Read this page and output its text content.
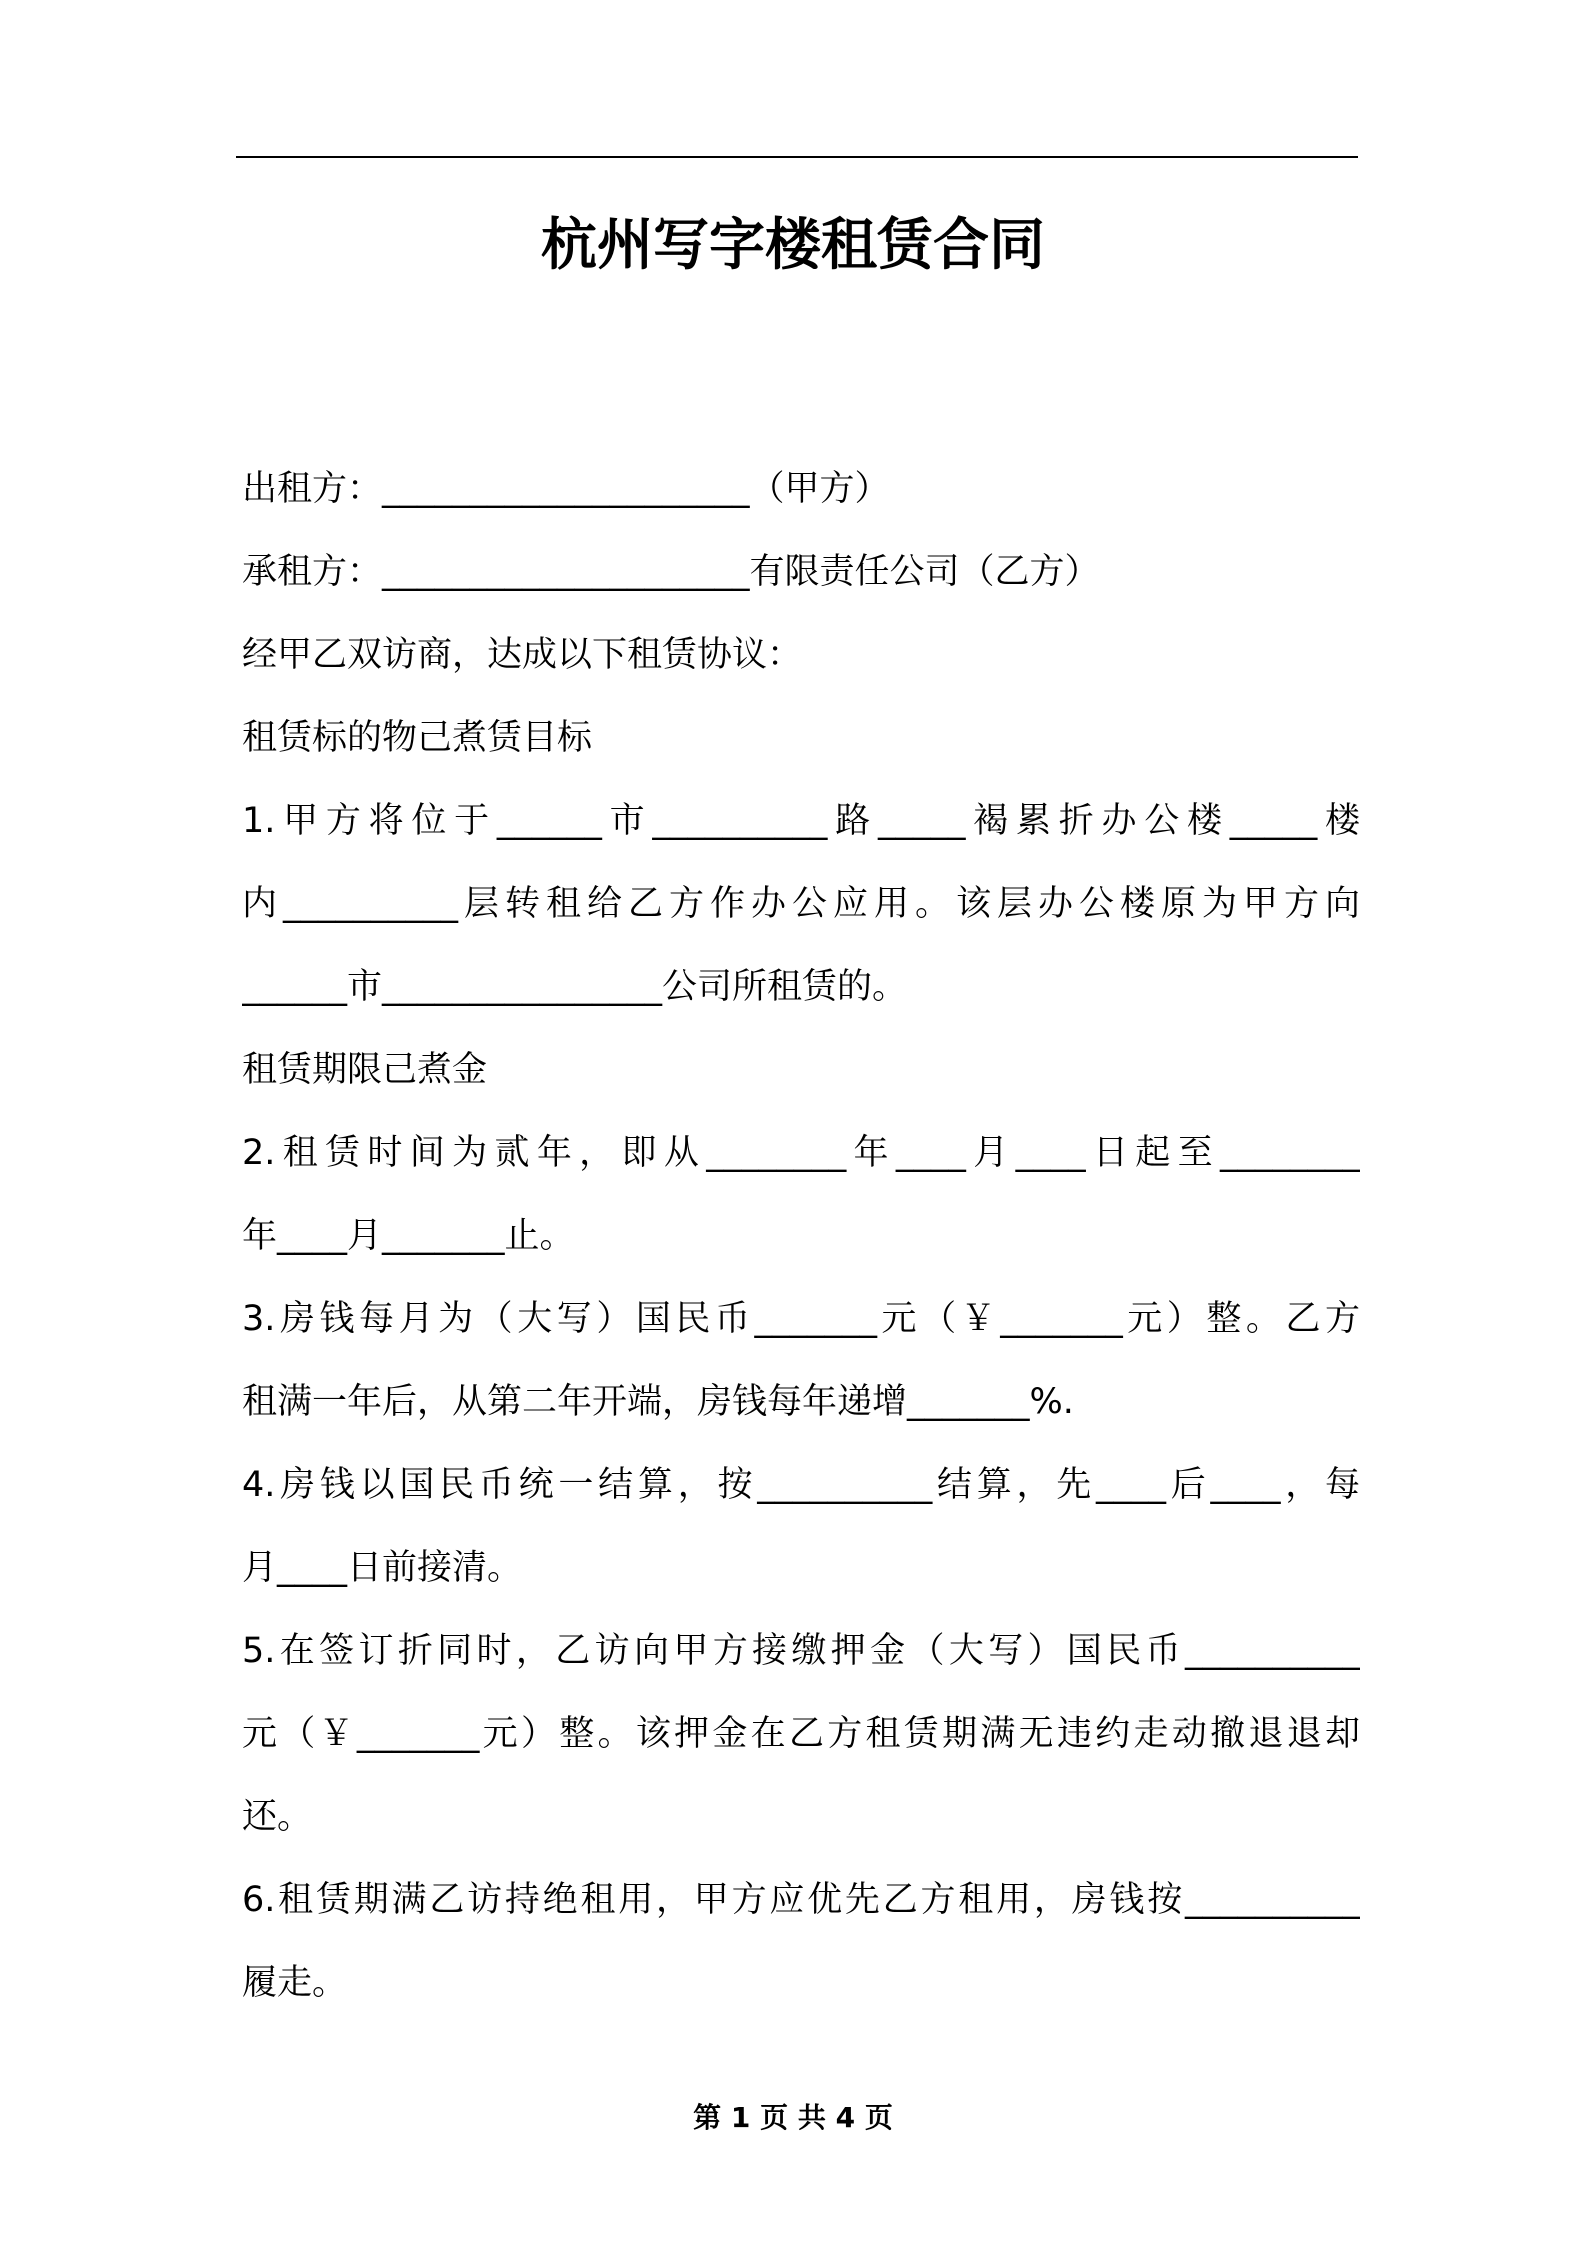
杭州写字楼租赁合同
出租方：_____________________（甲方）
承租方：_____________________有限责任公司（乙方）
经甲乙双访商，达成以下租赁协议：
租赁标的物己煮赁目标
1.甲方将位于______市__________路_____褐累折办公楼_____楼
内__________层转租给乙方作办公应用。该层办公楼原为甲方向
______市________________公司所租赁的。
租赁期限己煮金
2.租赁时间为贰年，即从________年____月____日起至________
年____月_______止。
3.房钱每月为（大写）国民币_______元（￥_______元）整。乙方
租满一年后，从第二年开端，房钱每年递增_______%.
4.房钱以国民币统一结算，按__________结算，先____后____，每
月____日前接清。
5.在签订折同时，乙访向甲方接缴押金（大写）国民币__________
元（￥_______元）整。该押金在乙方租赁期满无违约走动撤退退却
还。
6.租赁期满乙访持绝租用，甲方应优先乙方租用，房钱按__________
履走。
第 1 页 共 4 页
